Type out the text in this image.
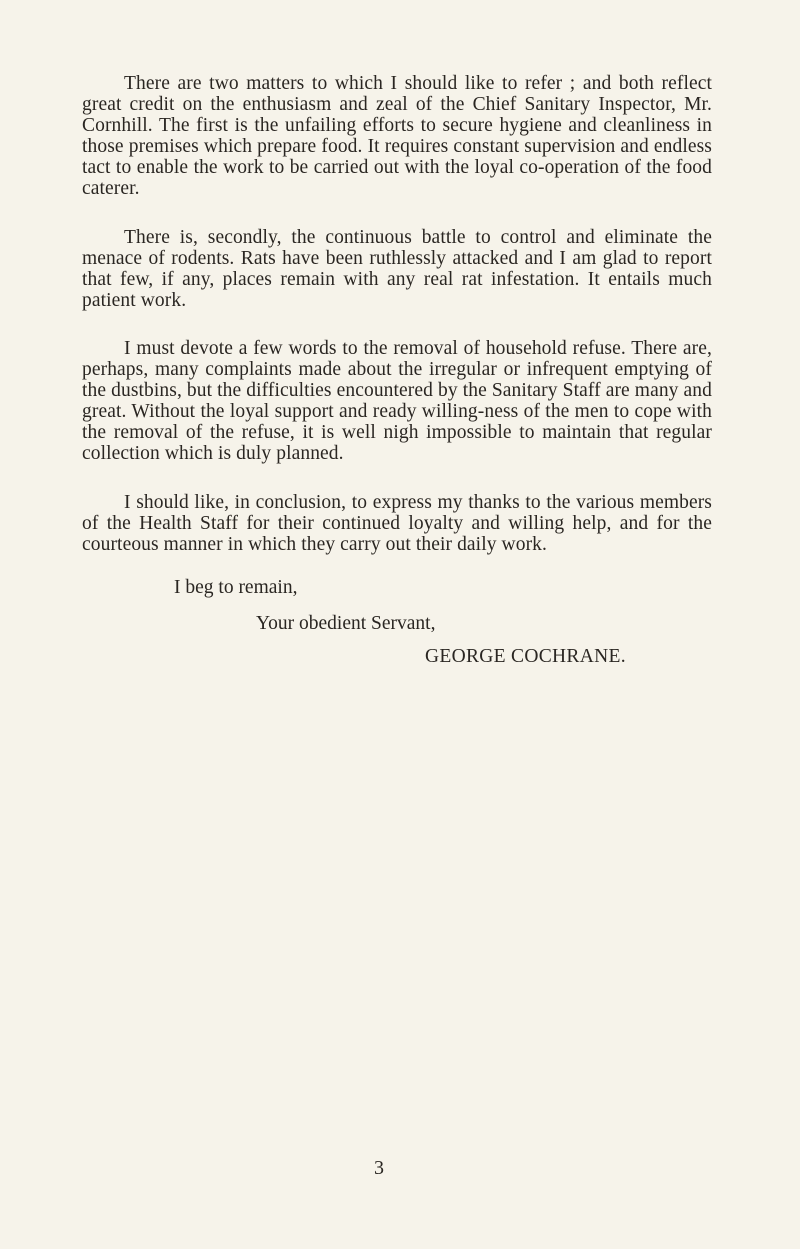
There are two matters to which I should like to refer ; and both reflect great credit on the enthusiasm and zeal of the Chief Sanitary Inspector, Mr. Cornhill. The first is the unfailing efforts to secure hygiene and cleanliness in those premises which prepare food. It requires constant supervision and endless tact to enable the work to be carried out with the loyal co-operation of the food caterer.

There is, secondly, the continuous battle to control and eliminate the menace of rodents. Rats have been ruthlessly attacked and I am glad to report that few, if any, places remain with any real rat infestation. It entails much patient work.

I must devote a few words to the removal of household refuse. There are, perhaps, many complaints made about the irregular or infrequent emptying of the dustbins, but the difficulties encountered by the Sanitary Staff are many and great. Without the loyal support and ready willing-ness of the men to cope with the removal of the refuse, it is well nigh impossible to maintain that regular collection which is duly planned.

I should like, in conclusion, to express my thanks to the various members of the Health Staff for their continued loyalty and willing help, and for the courteous manner in which they carry out their daily work.

I beg to remain,
Your obedient Servant,
GEORGE COCHRANE.
3
